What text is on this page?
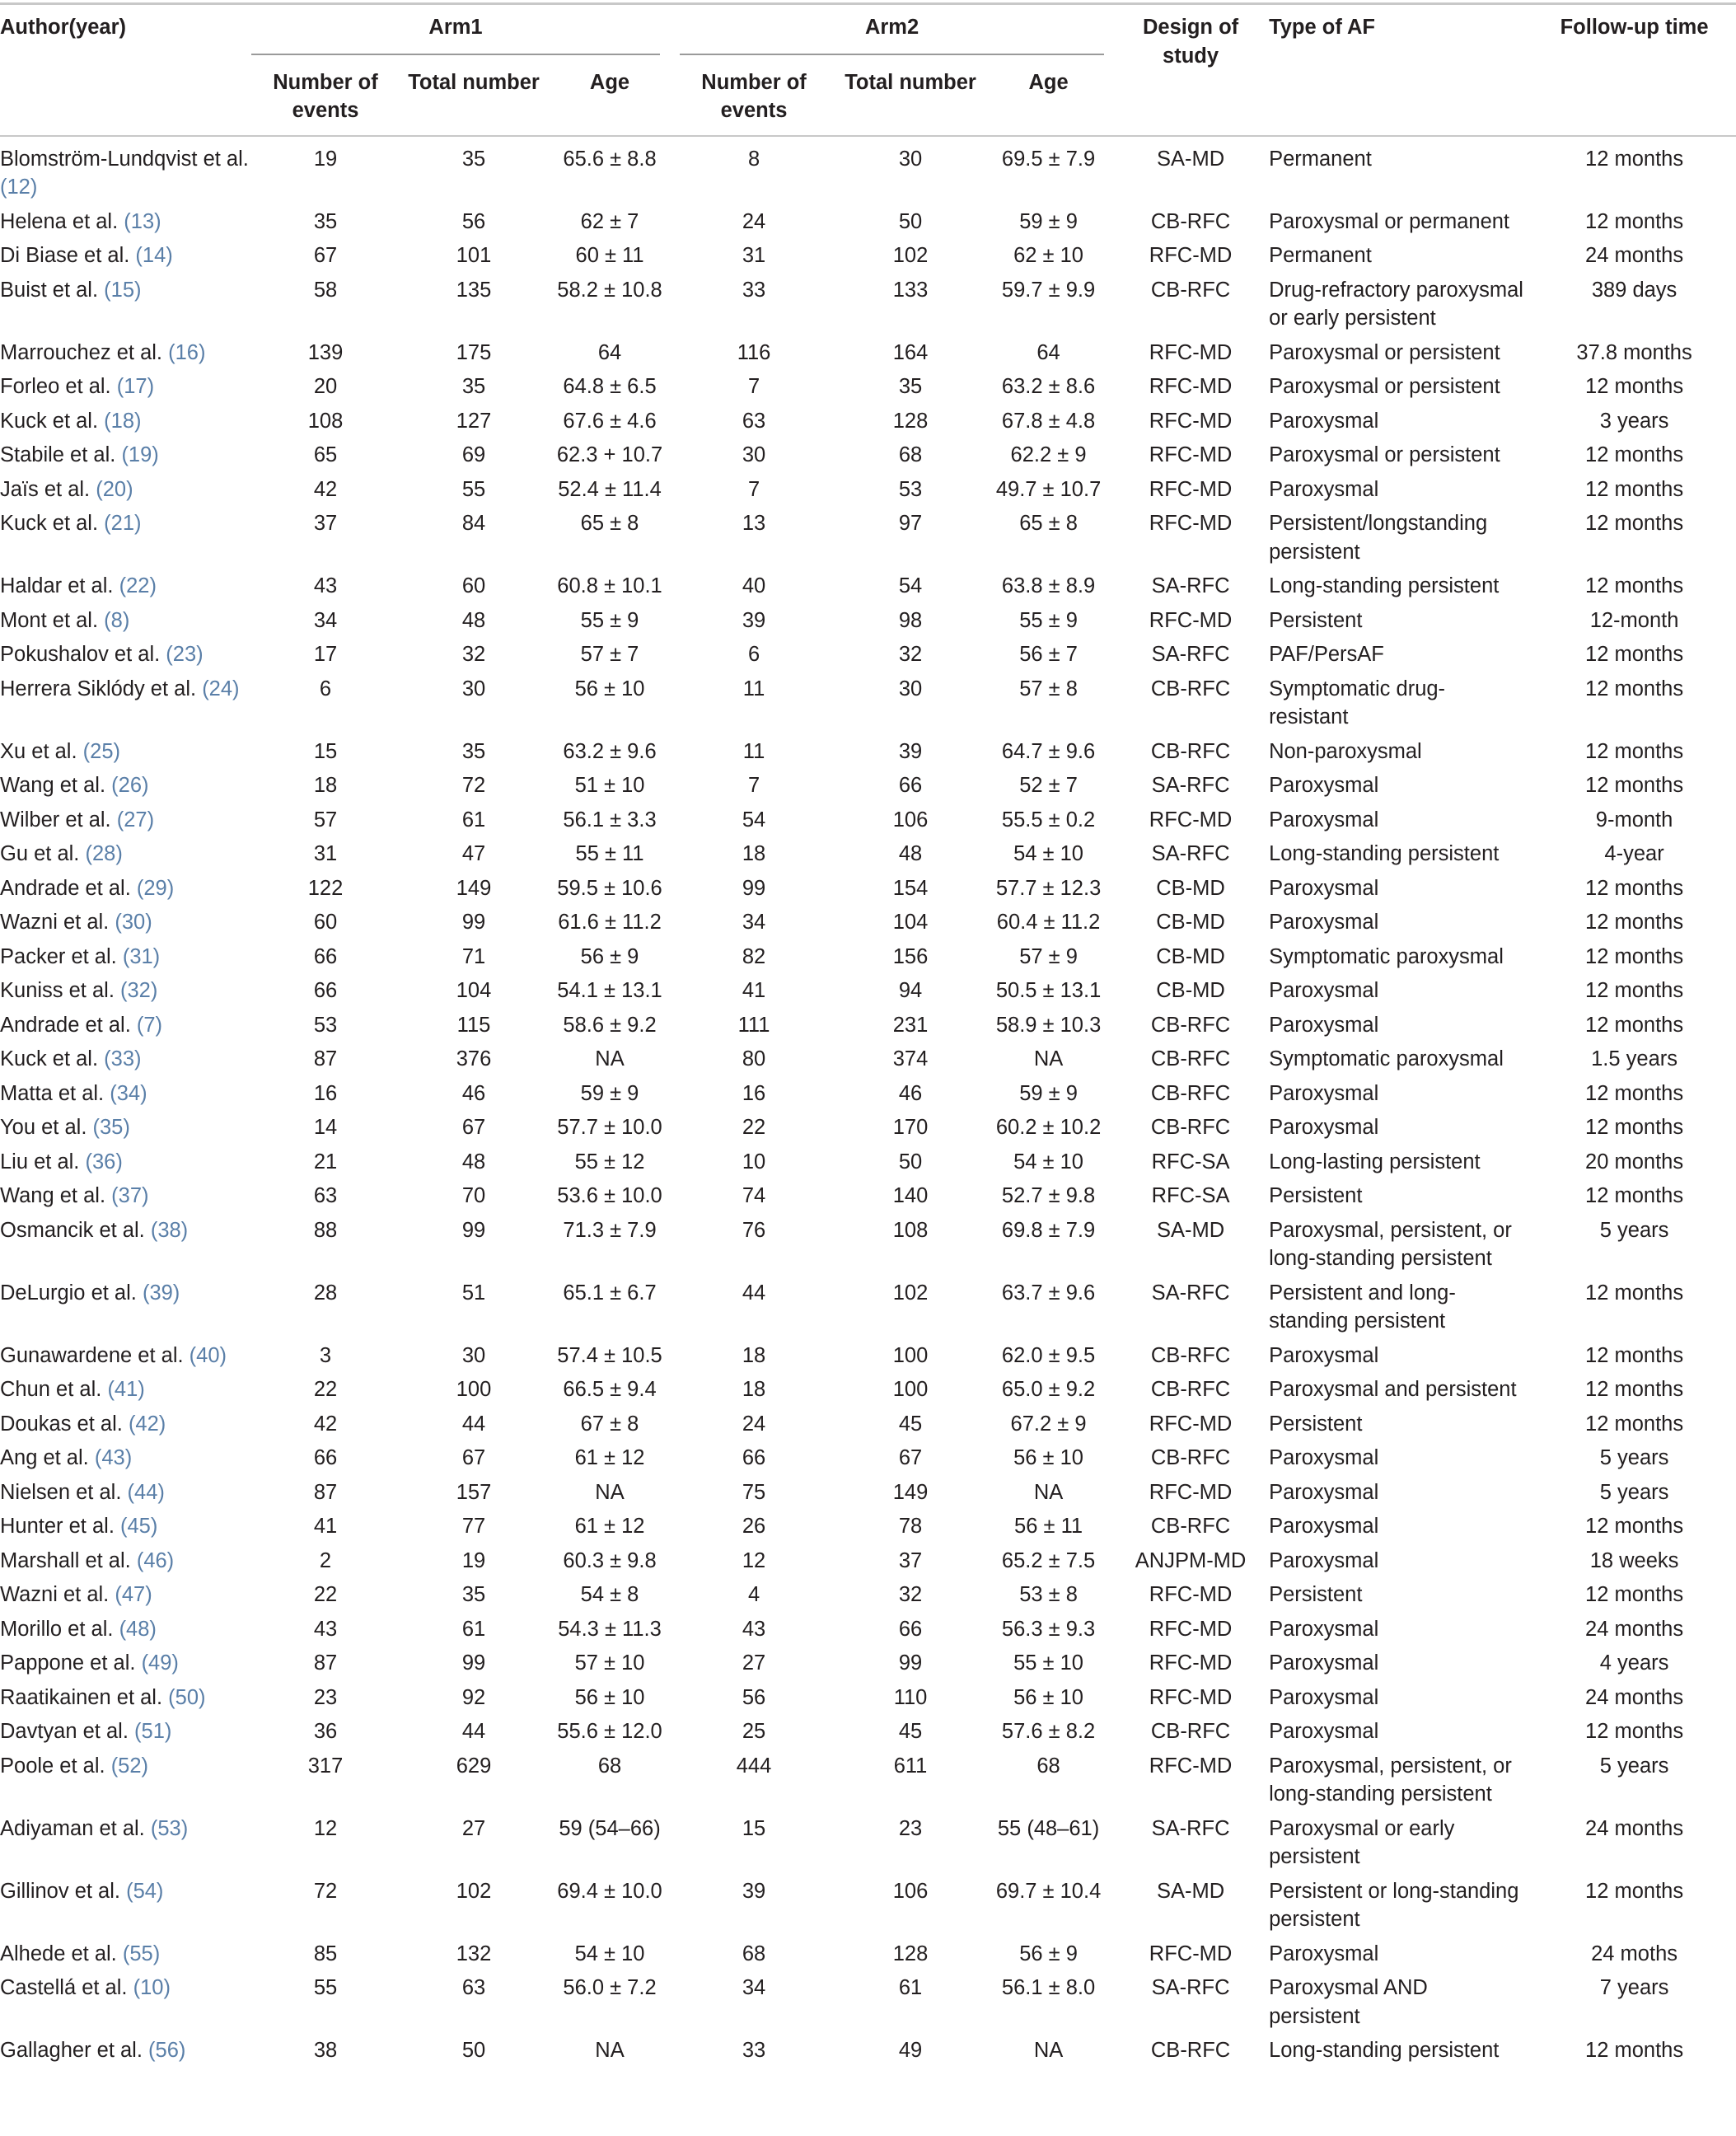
Author(year)	Arm1			Arm2			Design of study	Type of AF	Follow-up time

	Number of events	Total number	Age	Number of events	Total number	Age			
Blomström-Lundqvist et al. (12)	19	35	65.6 ± 8.8	8	30	69.5 ± 7.9	SA-MD	Permanent	12 months
Helena et al. (13)	35	56	62 ± 7	24	50	59 ± 9	CB-RFC	Paroxysmal or permanent	12 months
Di Biase et al. (14)	67	101	60 ± 11	31	102	62 ± 10	RFC-MD	Permanent	24 months
Buist et al. (15)	58	135	58.2 ± 10.8	33	133	59.7 ± 9.9	CB-RFC	Drug-refractory paroxysmal or early persistent	389 days
Marrouchez et al. (16)	139	175	64	116	164	64	RFC-MD	Paroxysmal or persistent	37.8 months
Forleo et al. (17)	20	35	64.8 ± 6.5	7	35	63.2 ± 8.6	RFC-MD	Paroxysmal or persistent	12 months
Kuck et al. (18)	108	127	67.6 ± 4.6	63	128	67.8 ± 4.8	RFC-MD	Paroxysmal	3 years
Stabile et al. (19)	65	69	62.3 + 10.7	30	68	62.2 ± 9	RFC-MD	Paroxysmal or persistent	12 months
Jaïs et al. (20)	42	55	52.4 ± 11.4	7	53	49.7 ± 10.7	RFC-MD	Paroxysmal	12 months
Kuck et al. (21)	37	84	65 ± 8	13	97	65 ± 8	RFC-MD	Persistent/longstanding persistent	12 months
Haldar et al. (22)	43	60	60.8 ± 10.1	40	54	63.8 ± 8.9	SA-RFC	Long-standing persistent	12 months
Mont et al. (8)	34	48	55 ± 9	39	98	55 ± 9	RFC-MD	Persistent	12-month
Pokushalov et al. (23)	17	32	57 ± 7	6	32	56 ± 7	SA-RFC	PAF/PersAF	12 months
Herrera Siklódy et al. (24)	6	30	56 ± 10	11	30	57 ± 8	CB-RFC	Symptomatic drug-resistant	12 months
Xu et al. (25)	15	35	63.2 ± 9.6	11	39	64.7 ± 9.6	CB-RFC	Non-paroxysmal	12 months
Wang et al. (26)	18	72	51 ± 10	7	66	52 ± 7	SA-RFC	Paroxysmal	12 months
Wilber et al. (27)	57	61	56.1 ± 3.3	54	106	55.5 ± 0.2	RFC-MD	Paroxysmal	9-month
Gu et al. (28)	31	47	55 ± 11	18	48	54 ± 10	SA-RFC	Long-standing persistent	4-year
Andrade et al. (29)	122	149	59.5 ± 10.6	99	154	57.7 ± 12.3	CB-MD	Paroxysmal	12 months
Wazni et al. (30)	60	99	61.6 ± 11.2	34	104	60.4 ± 11.2	CB-MD	Paroxysmal	12 months
Packer et al. (31)	66	71	56 ± 9	82	156	57 ± 9	CB-MD	Symptomatic paroxysmal	12 months
Kuniss et al. (32)	66	104	54.1 ± 13.1	41	94	50.5 ± 13.1	CB-MD	Paroxysmal	12 months
Andrade et al. (7)	53	115	58.6 ± 9.2	111	231	58.9 ± 10.3	CB-RFC	Paroxysmal	12 months
Kuck et al. (33)	87	376	NA	80	374	NA	CB-RFC	Symptomatic paroxysmal	1.5 years
Matta et al. (34)	16	46	59 ± 9	16	46	59 ± 9	CB-RFC	Paroxysmal	12 months
You et al. (35)	14	67	57.7 ± 10.0	22	170	60.2 ± 10.2	CB-RFC	Paroxysmal	12 months
Liu et al. (36)	21	48	55 ± 12	10	50	54 ± 10	RFC-SA	Long-lasting persistent	20 months
Wang et al. (37)	63	70	53.6 ± 10.0	74	140	52.7 ± 9.8	RFC-SA	Persistent	12 months
Osmancik et al. (38)	88	99	71.3 ± 7.9	76	108	69.8 ± 7.9	SA-MD	Paroxysmal, persistent, or long-standing persistent	5 years
DeLurgio et al. (39)	28	51	65.1 ± 6.7	44	102	63.7 ± 9.6	SA-RFC	Persistent and long-standing persistent	12 months
Gunawardene et al. (40)	3	30	57.4 ± 10.5	18	100	62.0 ± 9.5	CB-RFC	Paroxysmal	12 months
Chun et al. (41)	22	100	66.5 ± 9.4	18	100	65.0 ± 9.2	CB-RFC	Paroxysmal and persistent	12 months
Doukas et al. (42)	42	44	67 ± 8	24	45	67.2 ± 9	RFC-MD	Persistent	12 months
Ang et al. (43)	66	67	61 ± 12	66	67	56 ± 10	CB-RFC	Paroxysmal	5 years
Nielsen et al. (44)	87	157	NA	75	149	NA	RFC-MD	Paroxysmal	5 years
Hunter et al. (45)	41	77	61 ± 12	26	78	56 ± 11	CB-RFC	Paroxysmal	12 months
Marshall et al. (46)	2	19	60.3 ± 9.8	12	37	65.2 ± 7.5	ANJPM-MD	Paroxysmal	18 weeks
Wazni et al. (47)	22	35	54 ± 8	4	32	53 ± 8	RFC-MD	Persistent	12 months
Morillo et al. (48)	43	61	54.3 ± 11.3	43	66	56.3 ± 9.3	RFC-MD	Paroxysmal	24 months
Pappone et al. (49)	87	99	57 ± 10	27	99	55 ± 10	RFC-MD	Paroxysmal	4 years
Raatikainen et al. (50)	23	92	56 ± 10	56	110	56 ± 10	RFC-MD	Paroxysmal	24 months
Davtyan et al. (51)	36	44	55.6 ± 12.0	25	45	57.6 ± 8.2	CB-RFC	Paroxysmal	12 months
Poole et al. (52)	317	629	68	444	611	68	RFC-MD	Paroxysmal, persistent, or long-standing persistent	5 years
Adiyaman et al. (53)	12	27	59 (54–66)	15	23	55 (48–61)	SA-RFC	Paroxysmal or early persistent	24 months
Gillinov et al. (54)	72	102	69.4 ± 10.0	39	106	69.7 ± 10.4	SA-MD	Persistent or long-standing persistent	12 months
Alhede et al. (55)	85	132	54 ± 10	68	128	56 ± 9	RFC-MD	Paroxysmal	24 moths
Castellá et al. (10)	55	63	56.0 ± 7.2	34	61	56.1 ± 8.0	SA-RFC	Paroxysmal AND persistent	7 years
Gallagher et al. (56)	38	50	NA	33	49	NA	CB-RFC	Long-standing persistent	12 months
